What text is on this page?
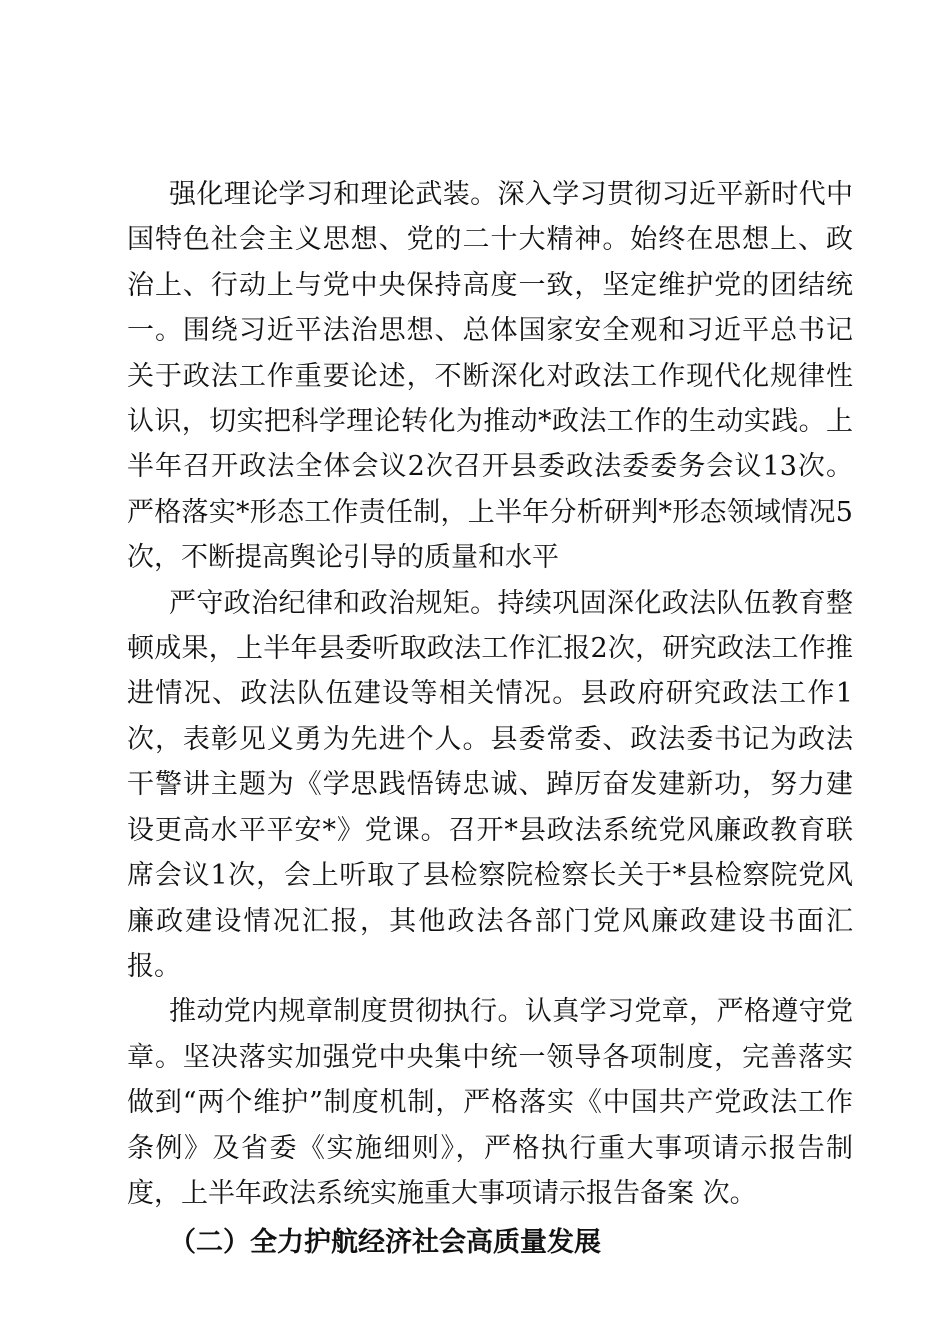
强化理论学习和理论武装。深入学习贯彻习近平新时代中国特色社会主义思想、党的二十大精神。始终在思想上、政治上、行动上与党中央保持高度一致，坚定维护党的团结统一。围绕习近平法治思想、总体国家安全观和习近平总书记关于政法工作重要论述，不断深化对政法工作现代化规律性认识，切实把科学理论转化为推动*政法工作的生动实践。上半年召开政法全体会议2次召开县委政法委委务会议13次。严格落实*形态工作责任制，上半年分析研判*形态领域情况5次，不断提高舆论引导的质量和水平

严守政治纪律和政治规矩。持续巩固深化政法队伍教育整顿成果，上半年县委听取政法工作汇报2次，研究政法工作推进情况、政法队伍建设等相关情况。县政府研究政法工作1次，表彰见义勇为先进个人。县委常委、政法委书记为政法干警讲主题为《学思践悟铸忠诚、踔厉奋发建新功，努力建设更高水平平安*》党课。召开*县政法系统党风廉政教育联席会议1次，会上听取了县检察院检察长关于*县检察院党风廉政建设情况汇报，其他政法各部门党风廉政建设书面汇报。

推动党内规章制度贯彻执行。认真学习党章，严格遵守党章。坚决落实加强党中央集中统一领导各项制度，完善落实做到“两个维护”制度机制，严格落实《中国共产党政法工作条例》及省委《实施细则》，严格执行重大事项请示报告制度，上半年政法系统实施重大事项请示报告备案 次。

（二）全力护航经济社会高质量发展
